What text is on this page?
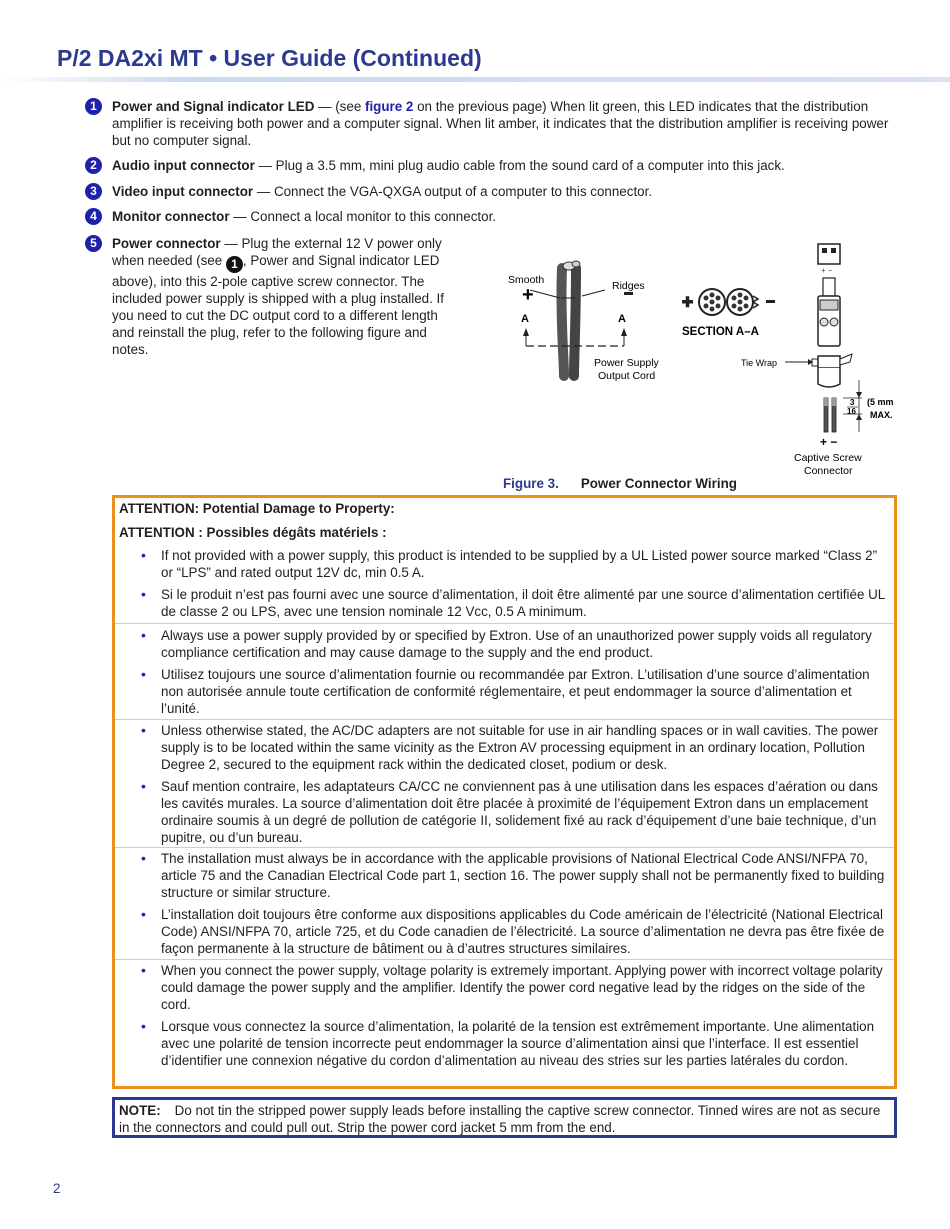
P/2 DA2xi MT • User Guide (Continued)
1	Power and Signal indicator LED — (see figure 2 on the previous page) When lit green, this LED indicates that the distribution amplifier is receiving both power and a computer signal. When lit amber, it indicates that the distribution amplifier is receiving power but no computer signal.
2	Audio input connector — Plug a 3.5 mm, mini plug audio cable from the sound card of a computer into this jack.
3	Video input connector — Connect the VGA-QXGA output of a computer to this connector.
4	Monitor connector — Connect a local monitor to this connector.
5	Power connector — Plug the external 12 V power only when needed (see 1 , Power and Signal indicator LED above), into this 2-pole captive screw connector. The included power supply is shipped with a plug installed. If you need to cut the DC output cord to a different length and reinstall the plug, refer to the following figure and notes.
Smooth	Ridges
+
A	A
Power Supply
Output Cord
SECTION A–A
+ −
Tie Wrap
3
16
(5 mm
MAX.
+ −
Captive Screw
Connector
Figure 3. Power Connector Wiring
ATTENTION: Potential Damage to Property:
ATTENTION : Possibles dégâts matériels :
• If not provided with a power supply, this product is intended to be supplied by a UL Listed power source marked “Class 2” or “LPS” and rated output 12V dc, min 0.5 A.
• Si le produit n’est pas fourni avec une source d’alimentation, il doit être alimenté par une source d’alimentation certifiée UL de classe 2 ou LPS, avec une tension nominale 12 Vcc, 0.5 A minimum.
• Always use a power supply provided by or specified by Extron. Use of an unauthorized power supply voids all regulatory compliance certification and may cause damage to the supply and the end product.
• Utilisez toujours une source d’alimentation fournie ou recommandée par Extron. L’utilisation d’une source d’alimentation non autorisée annule toute certification de conformité réglementaire, et peut endommager la source d’alimentation et l’unité.
• Unless otherwise stated, the AC/DC adapters are not suitable for use in air handling spaces or in wall cavities. The power supply is to be located within the same vicinity as the Extron AV processing equipment in an ordinary location, Pollution Degree 2, secured to the equipment rack within the dedicated closet, podium or desk.
• Sauf mention contraire, les adaptateurs CA/CC ne conviennent pas à une utilisation dans les espaces d’aération ou dans les cavités murales. La source d’alimentation doit être placée à proximité de l’équipement Extron dans un emplacement ordinaire soumis à un degré de pollution de catégorie II, solidement fixé au rack d’équipement d’une baie technique, d’un pupitre, ou d’un bureau.
• The installation must always be in accordance with the applicable provisions of National Electrical Code ANSI/NFPA 70, article 75 and the Canadian Electrical Code part 1, section 16. The power supply shall not be permanently fixed to building structure or similar structure.
• L’installation doit toujours être conforme aux dispositions applicables du Code américain de l’électricité (National Electrical Code) ANSI/NFPA 70, article 725, et du Code canadien de l’électricité. La source d’alimentation ne devra pas être fixée de façon permanente à la structure de bâtiment ou à d’autres structures similaires.
• When you connect the power supply, voltage polarity is extremely important. Applying power with incorrect voltage polarity could damage the power supply and the amplifier. Identify the power cord negative lead by the ridges on the side of the cord.
• Lorsque vous connectez la source d’alimentation, la polarité de la tension est extrêmement importante. Une alimentation avec une polarité de tension incorrecte peut endommager la source d’alimentation ainsi que l’interface. Il est essentiel d’identifier une connexion négative du cordon d’alimentation au niveau des stries sur les parties latérales du cordon.
NOTE: Do not tin the stripped power supply leads before installing the captive screw connector. Tinned wires are not as secure in the connectors and could pull out. Strip the power cord jacket 5 mm from the end.
2
